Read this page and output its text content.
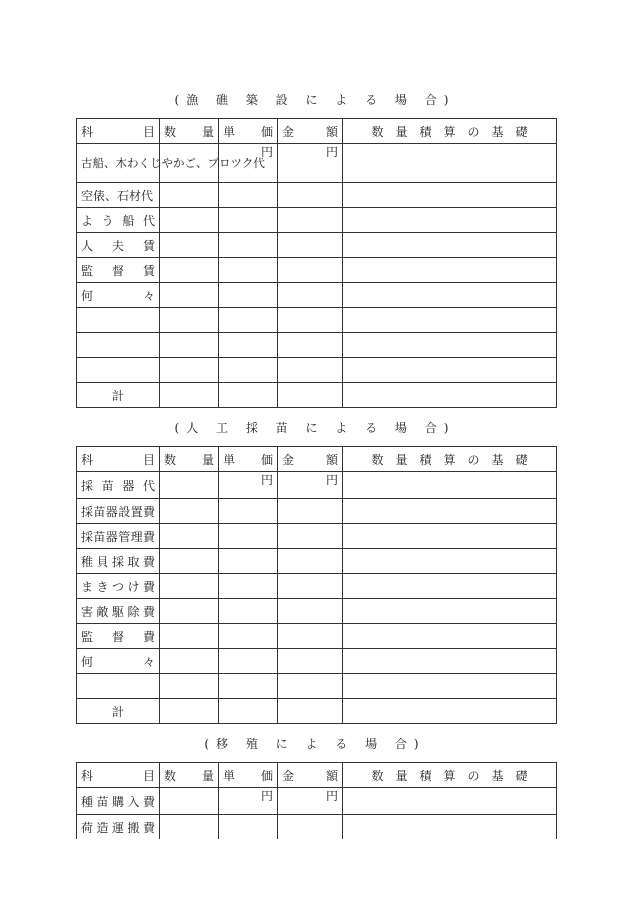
(漁 礁 築 設 に よ る 場 合)
科　　　目	数　　量	単　　価	金　　額	数　量　積　算　の　基　礎
古船、木わくじやかご、ブロツク代		円	円	
空俵、石材代				

よう船代				

人夫賃				

監督賃				

何々				

計				
(人 工 採 苗 に よ る 場 合)
科　　　目	数　　量	単　　価	金　　額	数　量　積　算　の　基　礎

採苗器代		円	円	

採苗器設置費				

採苗器管理費				

稚貝採取費				

まきつけ費				

害敵駆除費				

監督費				

何々				

計				
(移 殖 に よ る 場 合)
科　　　目	数　　量	単　　価	金　　額	数　量　積　算　の　基　礎

種苗購入費		円	円	

荷造運搬費				
